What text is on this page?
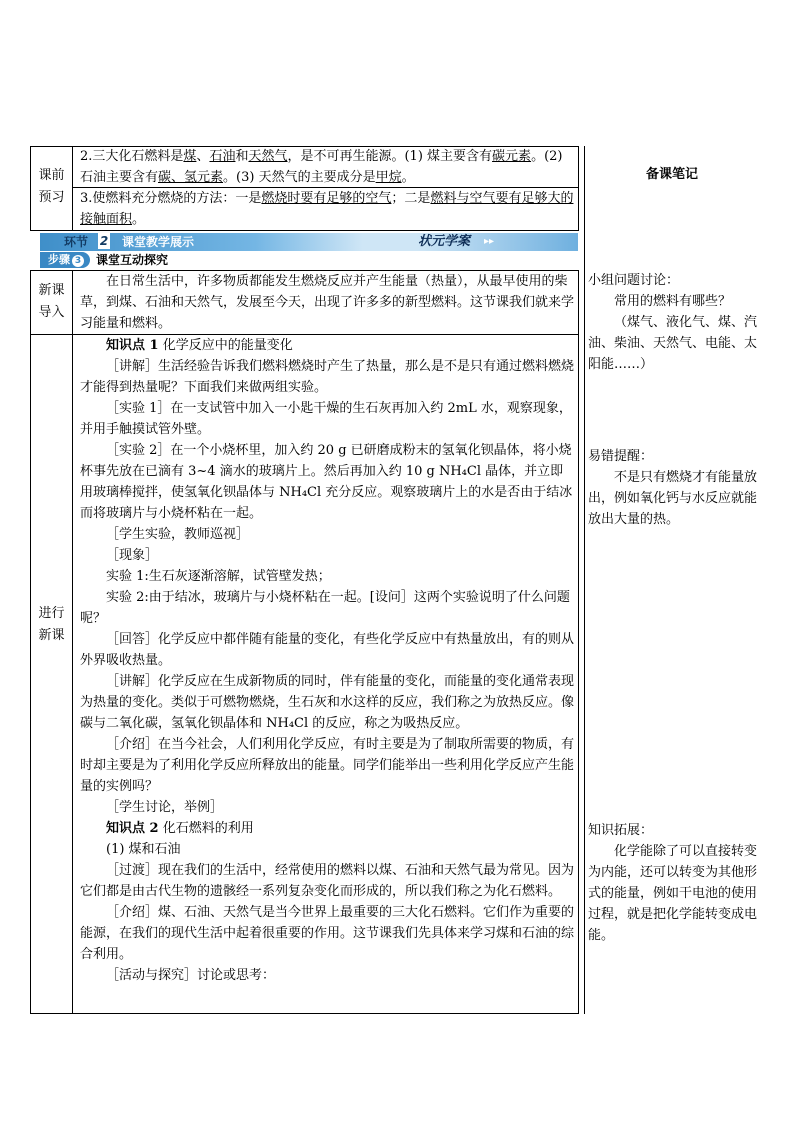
备课笔记
课前
预习
2.三大化石燃料是煤、石油和天然气，是不可再生能源。(1) 煤主要含有碳元素。(2) 石油主要含有碳、氢元素。(3) 天然气的主要成分是甲烷。
3.使燃料充分燃烧的方法：一是燃烧时要有足够的空气；二是燃料与空气要有足够大的接触面积。
环节 2 课堂教学展示	状元学案 ▸▸
步骤 3	课堂互动探究
新课
导入

在日常生活中，许多物质都能发生燃烧反应并产生能量（热量），从最早使用的柴草，到煤、石油和天然气，发展至今天，出现了许多多的新型燃料。这节课我们就来学习能量和燃料。

进行
新课

知识点 1 化学反应中的能量变化

［讲解］生活经验告诉我们燃料燃烧时产生了热量，那么是不是只有通过燃料燃烧才能得到热量呢？下面我们来做两组实验。

［实验 1］在一支试管中加入一小匙干燥的生石灰再加入约 2mL 水，观察现象，并用手触摸试管外壁。

［实验 2］在一个小烧杯里，加入约 20 g 已研磨成粉末的氢氧化钡晶体，将小烧杯事先放在已滴有 3~4 滴水的玻璃片上。然后再加入约 10 g NH₄Cl 晶体，并立即用玻璃棒搅拌，使氢氧化钡晶体与 NH₄Cl 充分反应。观察玻璃片上的水是否由于结冰而将玻璃片与小烧杯粘在一起。

［学生实验，教师巡视］

［现象］

实验 1:生石灰逐渐溶解，试管壁发热；

实验 2:由于结冰，玻璃片与小烧杯粘在一起。[设问］这两个实验说明了什么问题呢？

［回答］化学反应中都伴随有能量的变化，有些化学反应中有热量放出，有的则从外界吸收热量。

［讲解］化学反应在生成新物质的同时，伴有能量的变化，而能量的变化通常表现为热量的变化。类似于可燃物燃烧，生石灰和水这样的反应，我们称之为放热反应。像碳与二氧化碳，氢氧化钡晶体和 NH₄Cl 的反应，称之为吸热反应。

［介绍］在当今社会，人们利用化学反应，有时主要是为了制取所需要的物质，有时却主要是为了利用化学反应所释放出的能量。同学们能举出一些利用化学反应产生能量的实例吗？

［学生讨论，举例］

知识点 2 化石燃料的利用

(1) 煤和石油

［过渡］现在我们的生活中，经常使用的燃料以煤、石油和天然气最为常见。因为它们都是由古代生物的遗骸经一系列复杂变化而形成的，所以我们称之为化石燃料。

［介绍］煤、石油、天然气是当今世界上最重要的三大化石燃料。它们作为重要的能源，在我们的现代生活中起着很重要的作用。这节课我们先具体来学习煤和石油的综合利用。

［活动与探究］讨论或思考：

小组问题讨论：

常用的燃料有哪些？

（煤气、液化气、煤、汽油、柴油、天然气、电能、太阳能……）

易错提醒：

不是只有燃烧才有能量放出，例如氧化钙与水反应就能放出大量的热。

知识拓展：

化学能除了可以直接转变为内能，还可以转变为其他形式的能量，例如干电池的使用过程，就是把化学能转变成电能。
